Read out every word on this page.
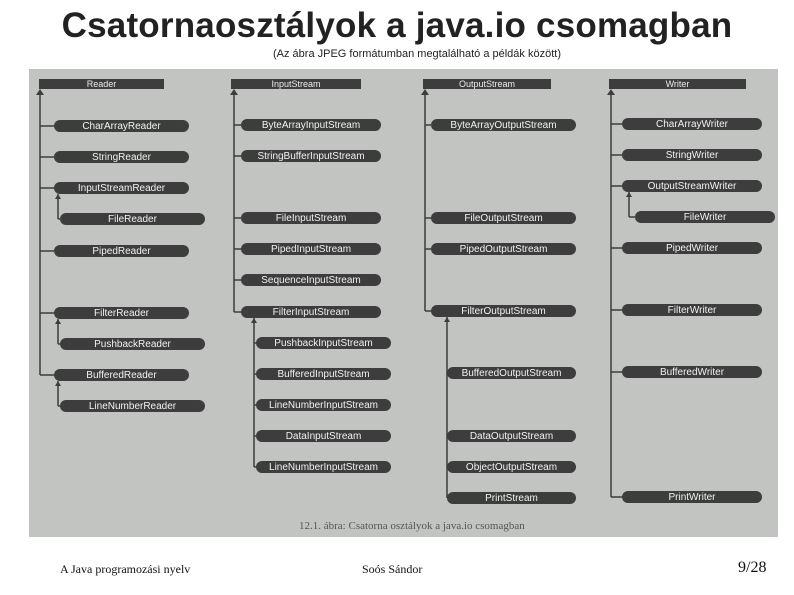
Csatornaosztályok a java.io csomagban
(Az ábra JPEG formátumban megtalálható a példák között)
Reader
CharArrayReader
StringReader
InputStreamReader
FileReader
PipedReader
FilterReader
PushbackReader
BufferedReader
LineNumberReader
InputStream
ByteArrayInputStream
StringBufferInputStream
FileInputStream
PipedInputStream
SequenceInputStream
FilterInputStream
PushbackInputStream
BufferedInputStream
LineNumberInputStream
DataInputStream
LineNumberInputStream
OutputStream
ByteArrayOutputStream
FileOutputStream
PipedOutputStream
FilterOutputStream
BufferedOutputStream
DataOutputStream
ObjectOutputStream
PrintStream
Writer
CharArrayWriter
StringWriter
OutputStreamWriter
FileWriter
PipedWriter
FilterWriter
BufferedWriter
PrintWriter
12.1. ábra: Csatorna osztályok a java.io csomagban
A Java programozási nyelv	Soós Sándor	9/28
